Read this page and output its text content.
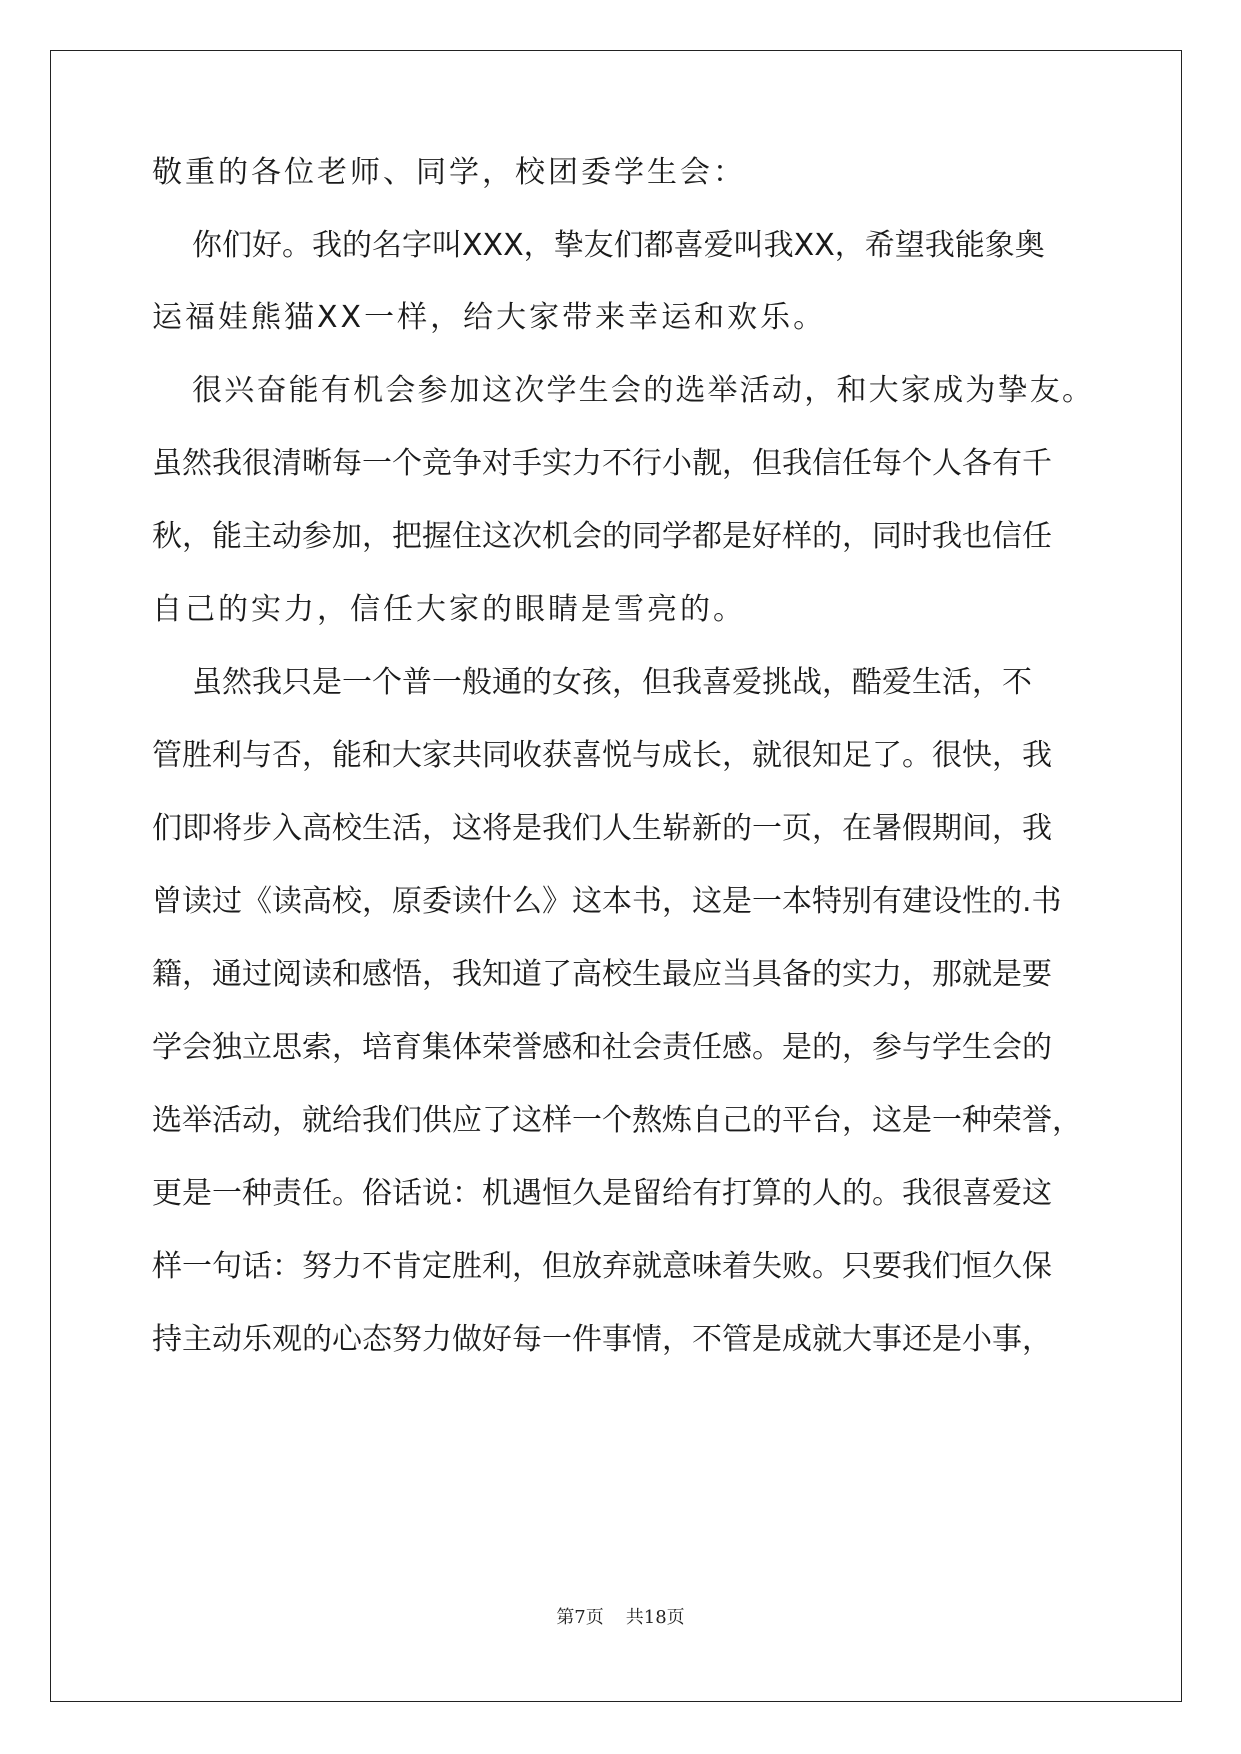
敬重的各位老师、同学，校团委学生会：
你们好。我的名字叫XXX，挚友们都喜爱叫我XX，希望我能象奥
运福娃熊猫XX一样，给大家带来幸运和欢乐。
很兴奋能有机会参加这次学生会的选举活动，和大家成为挚友。
虽然我很清晰每一个竞争对手实力不行小靓，但我信任每个人各有千
秋，能主动参加，把握住这次机会的同学都是好样的，同时我也信任
自己的实力，信任大家的眼睛是雪亮的。
虽然我只是一个普一般通的女孩，但我喜爱挑战，酷爱生活，不
管胜利与否，能和大家共同收获喜悦与成长，就很知足了。很快，我
们即将步入高校生活，这将是我们人生崭新的一页，在暑假期间，我
曾读过《读高校，原委读什么》这本书，这是一本特别有建设性的.书
籍，通过阅读和感悟，我知道了高校生最应当具备的实力，那就是要
学会独立思索，培育集体荣誉感和社会责任感。是的，参与学生会的
选举活动，就给我们供应了这样一个熬炼自己的平台，这是一种荣誉，
更是一种责任。俗话说：机遇恒久是留给有打算的人的。我很喜爱这
样一句话：努力不肯定胜利，但放弃就意味着失败。只要我们恒久保
持主动乐观的心态努力做好每一件事情，不管是成就大事还是小事，
第7页 共18页
